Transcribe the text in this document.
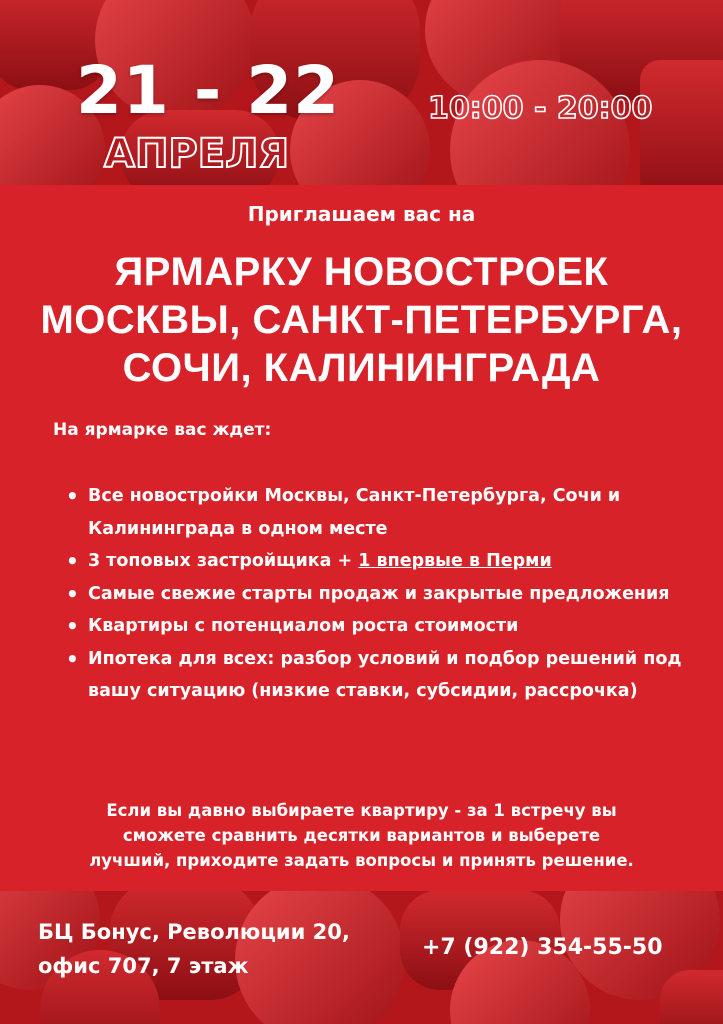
21 - 22
АПРЕЛЯ
10:00 - 20:00
Приглашаем вас на
ЯРМАРКУ НОВОСТРОЕК
МОСКВЫ, САНКТ-ПЕТЕРБУРГА,
СОЧИ, КАЛИНИНГРАДА
На ярмарке вас ждет:
• Все новостройки Москвы, Санкт-Петербурга, Сочи и Калининграда в одном месте
• 3 топовых застройщика + 1 впервые в Перми
• Самые свежие старты продаж и закрытые предложения
• Квартиры с потенциалом роста стоимости
• Ипотека для всех: разбор условий и подбор решений под вашу ситуацию (низкие ставки, субсидии, рассрочка)
Если вы давно выбираете квартиру - за 1 встречу вы
сможете сравнить десятки вариантов и выберете
лучший, приходите задать вопросы и принять решение.
БЦ Бонус, Революции 20,
офис 707, 7 этаж
+7 (922) 354-55-50
